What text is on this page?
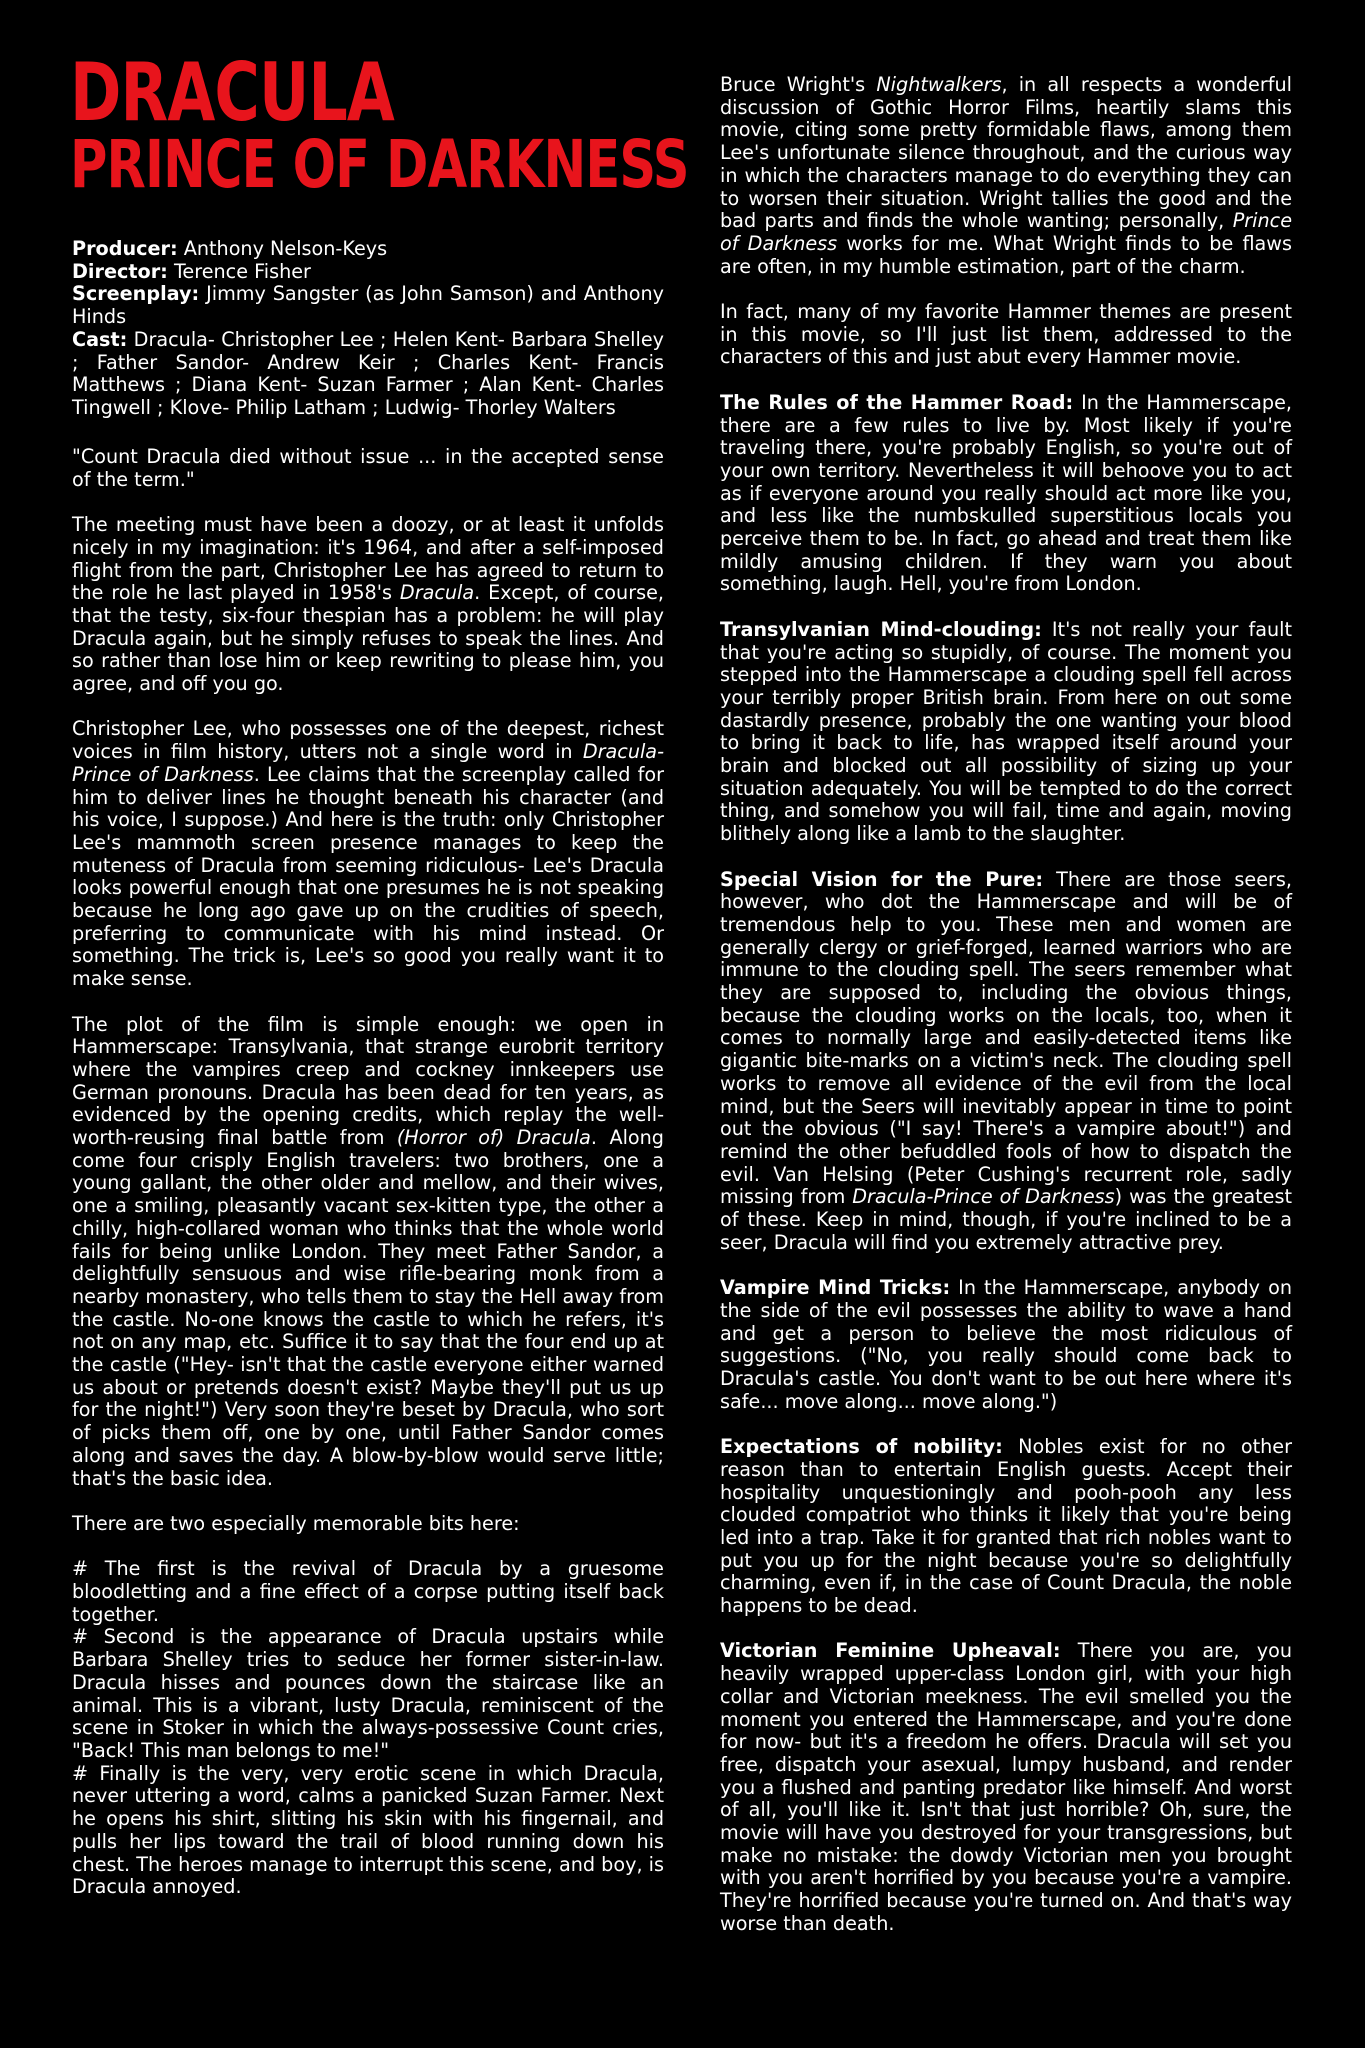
DRACULA
PRINCE OF DARKNESS

Producer: Anthony Nelson-Keys

Director: Terence Fisher

Screenplay: Jimmy Sangster (as John Samson) and Anthony Hinds

Cast: Dracula- Christopher Lee ; Helen Kent- Barbara Shelley ; Father Sandor- Andrew Keir ; Charles Kent- Francis Matthews ; Diana Kent- Suzan Farmer ; Alan Kent- Charles Tingwell ; Klove- Philip Latham ; Ludwig- Thorley Walters

"Count Dracula died without issue ... in the accepted sense of the term."

The meeting must have been a doozy, or at least it unfolds nicely in my imagination: it's 1964, and after a self-imposed flight from the part, Christopher Lee has agreed to return to the role he last played in 1958's Dracula. Except, of course, that the testy, six-four thespian has a problem: he will play Dracula again, but he simply refuses to speak the lines. And so rather than lose him or keep rewriting to please him, you agree, and off you go.

Christopher Lee, who possesses one of the deepest, richest voices in film history, utters not a single word in Dracula-Prince of Darkness. Lee claims that the screenplay called for him to deliver lines he thought beneath his character (and his voice, I suppose.) And here is the truth: only Christopher Lee's mammoth screen presence manages to keep the muteness of Dracula from seeming ridiculous- Lee's Dracula looks powerful enough that one presumes he is not speaking because he long ago gave up on the crudities of speech, preferring to communicate with his mind instead. Or something. The trick is, Lee's so good you really want it to make sense.

The plot of the film is simple enough: we open in Hammerscape: Transylvania, that strange eurobrit territory where the vampires creep and cockney innkeepers use German pronouns. Dracula has been dead for ten years, as evidenced by the opening credits, which replay the well-worth-reusing final battle from (Horror of) Dracula. Along come four crisply English travelers: two brothers, one a young gallant, the other older and mellow, and their wives, one a smiling, pleasantly vacant sex-kitten type, the other a chilly, high-collared woman who thinks that the whole world fails for being unlike London. They meet Father Sandor, a delightfully sensuous and wise rifle-bearing monk from a nearby monastery, who tells them to stay the Hell away from the castle. No-one knows the castle to which he refers, it's not on any map, etc. Suffice it to say that the four end up at the castle ("Hey- isn't that the castle everyone either warned us about or pretends doesn't exist? Maybe they'll put us up for the night!") Very soon they're beset by Dracula, who sort of picks them off, one by one, until Father Sandor comes along and saves the day. A blow-by-blow would serve little; that's the basic idea.

There are two especially memorable bits here:

# The first is the revival of Dracula by a gruesome bloodletting and a fine effect of a corpse putting itself back together.

# Second is the appearance of Dracula upstairs while Barbara Shelley tries to seduce her former sister-in-law. Dracula hisses and pounces down the staircase like an animal. This is a vibrant, lusty Dracula, reminiscent of the scene in Stoker in which the always-possessive Count cries, "Back! This man belongs to me!"

# Finally is the very, very erotic scene in which Dracula, never uttering a word, calms a panicked Suzan Farmer. Next he opens his shirt, slitting his skin with his fingernail, and pulls her lips toward the trail of blood running down his chest. The heroes manage to interrupt this scene, and boy, is Dracula annoyed.

Bruce Wright's Nightwalkers, in all respects a wonderful discussion of Gothic Horror Films, heartily slams this movie, citing some pretty formidable flaws, among them Lee's unfortunate silence throughout, and the curious way in which the characters manage to do everything they can to worsen their situation. Wright tallies the good and the bad parts and finds the whole wanting; personally, Prince of Darkness works for me. What Wright finds to be flaws are often, in my humble estimation, part of the charm.

In fact, many of my favorite Hammer themes are present in this movie, so I'll just list them, addressed to the characters of this and just abut every Hammer movie.

The Rules of the Hammer Road: In the Hammerscape, there are a few rules to live by. Most likely if you're traveling there, you're probably English, so you're out of your own territory. Nevertheless it will behoove you to act as if everyone around you really should act more like you, and less like the numbskulled superstitious locals you perceive them to be. In fact, go ahead and treat them like mildly amusing children. If they warn you about something, laugh. Hell, you're from London.

Transylvanian Mind-clouding: It's not really your fault that you're acting so stupidly, of course. The moment you stepped into the Hammerscape a clouding spell fell across your terribly proper British brain. From here on out some dastardly presence, probably the one wanting your blood to bring it back to life, has wrapped itself around your brain and blocked out all possibility of sizing up your situation adequately. You will be tempted to do the correct thing, and somehow you will fail, time and again, moving blithely along like a lamb to the slaughter.

Special Vision for the Pure: There are those seers, however, who dot the Hammerscape and will be of tremendous help to you. These men and women are generally clergy or grief-forged, learned warriors who are immune to the clouding spell. The seers remember what they are supposed to, including the obvious things, because the clouding works on the locals, too, when it comes to normally large and easily-detected items like gigantic bite-marks on a victim's neck. The clouding spell works to remove all evidence of the evil from the local mind, but the Seers will inevitably appear in time to point out the obvious ("I say! There's a vampire about!") and remind the other befuddled fools of how to dispatch the evil. Van Helsing (Peter Cushing's recurrent role, sadly missing from Dracula-Prince of Darkness) was the greatest of these. Keep in mind, though, if you're inclined to be a seer, Dracula will find you extremely attractive prey.

Vampire Mind Tricks: In the Hammerscape, anybody on the side of the evil possesses the ability to wave a hand and get a person to believe the most ridiculous of suggestions. ("No, you really should come back to Dracula's castle. You don't want to be out here where it's safe... move along... move along.")

Expectations of nobility: Nobles exist for no other reason than to entertain English guests. Accept their hospitality unquestioningly and pooh-pooh any less clouded compatriot who thinks it likely that you're being led into a trap. Take it for granted that rich nobles want to put you up for the night because you're so delightfully charming, even if, in the case of Count Dracula, the noble happens to be dead.

Victorian Feminine Upheaval: There you are, you heavily wrapped upper-class London girl, with your high collar and Victorian meekness. The evil smelled you the moment you entered the Hammerscape, and you're done for now- but it's a freedom he offers. Dracula will set you free, dispatch your asexual, lumpy husband, and render you a flushed and panting predator like himself. And worst of all, you'll like it. Isn't that just horrible? Oh, sure, the movie will have you destroyed for your transgressions, but make no mistake: the dowdy Victorian men you brought with you aren't horrified by you because you're a vampire. They're horrified because you're turned on. And that's way worse than death.
